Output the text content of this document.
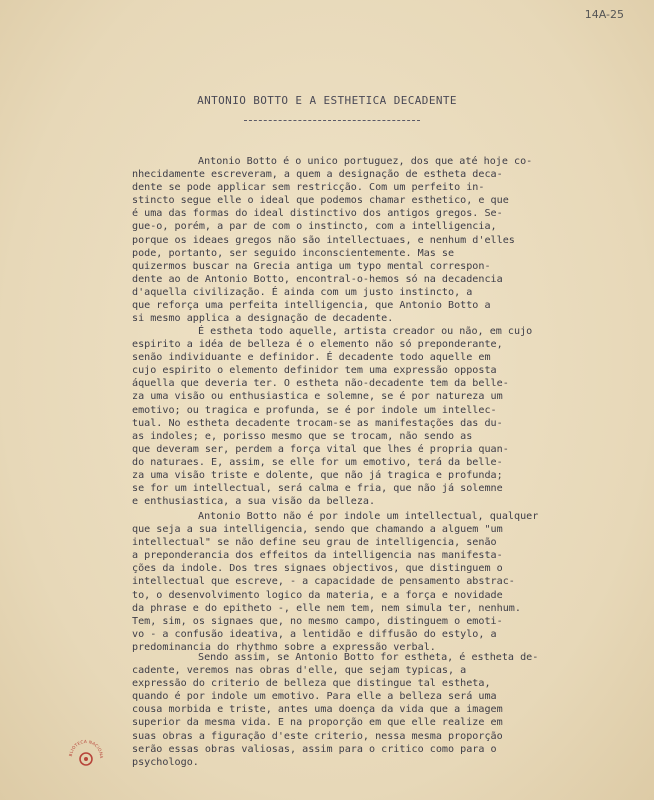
14A-25
ANTONIO BOTTO E A ESTHETICA DECADENTE
Antonio Botto é o unico portuguez, dos que até hoje co-
nhecidamente escreveram, a quem a designação de estheta deca-
dente se pode applicar sem restricção. Com um perfeito in-
stincto segue elle o ideal que podemos chamar esthetico, e que
é uma das formas do ideal distinctivo dos antigos gregos. Se-
gue-o, porém, a par de com o instincto, com a intelligencia,
porque os ideaes gregos não são intellectuaes, e nenhum d'elles
pode, portanto, ser seguido inconscientemente. Mas se
quizermos buscar na Grecia antiga um typo mental correspon-
dente ao de Antonio Botto, encontral-o-hemos só na decadencia
d'aquella civilização. É ainda com um justo instincto, a
que reforça uma perfeita intelligencia, que Antonio Botto a
si mesmo applica a designação de decadente.
É estheta todo aquelle, artista creador ou não, em cujo
espirito a idéa de belleza é o elemento não só preponderante,
senão individuante e definidor. É decadente todo aquelle em
cujo espirito o elemento definidor tem uma expressão opposta
áquella que deveria ter. O estheta não-decadente tem da belle-
za uma visão ou enthusiastica e solemne, se é por natureza um
emotivo; ou tragica e profunda, se é por indole um intellec-
tual. No estheta decadente trocam-se as manifestações das du-
as indoles; e, porisso mesmo que se trocam, não sendo as
que deveram ser, perdem a força vital que lhes é propria quan-
do naturaes. E, assim, se elle for um emotivo, terá da belle-
za uma visão triste e dolente, que não já tragica e profunda;
se for um intellectual, será calma e fria, que não já solemne
e enthusiastica, a sua visão da belleza.
Antonio Botto não é por indole um intellectual, qualquer
que seja a sua intelligencia, sendo que chamando a alguem "um
intellectual" se não define seu grau de intelligencia, senão
a preponderancia dos effeitos da intelligencia nas manifesta-
ções da indole. Dos tres signaes objectivos, que distinguem o
intellectual que escreve, - a capacidade de pensamento abstrac-
to, o desenvolvimento logico da materia, e a força e novidade
da phrase e do epitheto -, elle nem tem, nem simula ter, nenhum.
Tem, sim, os signaes que, no mesmo campo, distinguem o emoti-
vo - a confusão ideativa, a lentidão e diffusão do estylo, a
predominancia do rhythmo sobre a expressão verbal.
Sendo assim, se Antonio Botto for estheta, é estheta de-
cadente, veremos nas obras d'elle, que sejam typicas, a
expressão do criterio de belleza que distingue tal estheta,
quando é por indole um emotivo. Para elle a belleza será uma
cousa morbida e triste, antes uma doença da vida que a imagem
superior da mesma vida. E na proporção em que elle realize em
suas obras a figuração d'este criterio, nessa mesma proporção
serão essas obras valiosas, assim para o critico como para o
psychologo.
BLIOTECA NACIONA
